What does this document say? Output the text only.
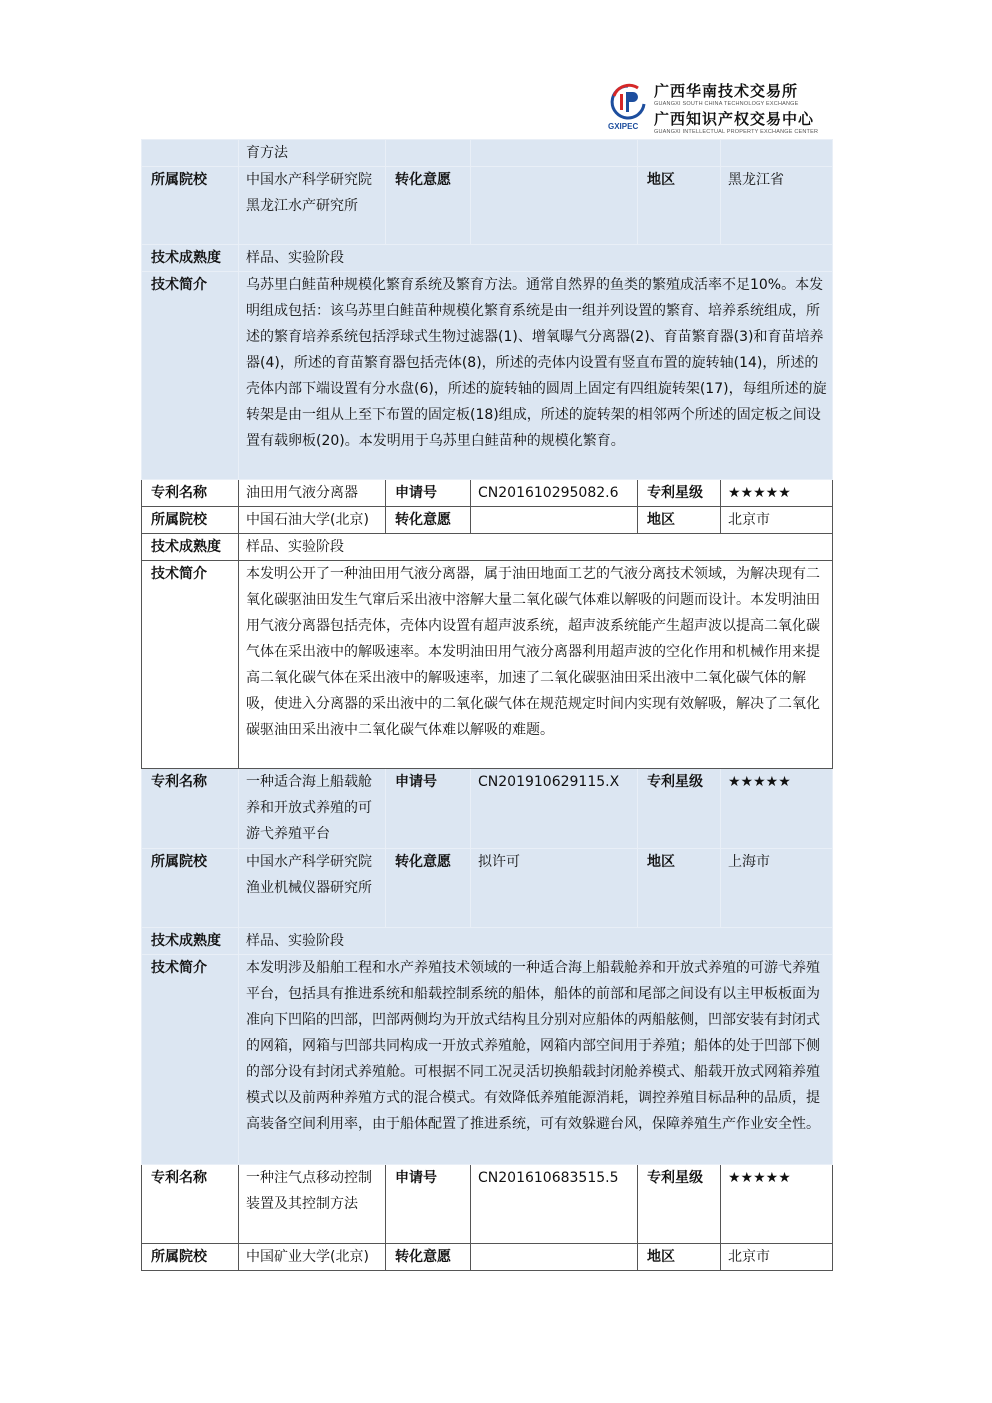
GXIPEC
广西华南技术交易所
GUANGXI SOUTH CHINA TECHNOLOGY EXCHANGE
广西知识产权交易中心
GUANGXI INTELLECTUAL PROPERTY EXCHANGE CENTER
	育方法				
所属院校	中国水产科学研究院黑龙江水产研究所	转化意愿		地区	黑龙江省
技术成熟度	样品、实验阶段				
技术简介	乌苏里白鲑苗种规模化繁育系统及繁育方法。通常自然界的鱼类的繁殖成活率不足10%。本发明组成包括：该乌苏里白鲑苗种规模化繁育系统是由一组并列设置的繁育、培养系统组成，所述的繁育培养系统包括浮球式生物过滤器(1)、增氧曝气分离器(2)、育苗繁育器(3)和育苗培养器(4)，所述的育苗繁育器包括壳体(8)，所述的壳体内设置有竖直布置的旋转轴(14)，所述的壳体内部下端设置有分水盘(6)，所述的旋转轴的圆周上固定有四组旋转架(17)，每组所述的旋转架是由一组从上至下布置的固定板(18)组成，所述的旋转架的相邻两个所述的固定板之间设置有载卵板(20)。本发明用于乌苏里白鲑苗种的规模化繁育。				
专利名称	油田用气液分离器	申请号	CN201610295082.6	专利星级	★★★★★
所属院校	中国石油大学(北京)	转化意愿		地区	北京市
技术成熟度	样品、实验阶段				
技术简介	本发明公开了一种油田用气液分离器，属于油田地面工艺的气液分离技术领域，为解决现有二氧化碳驱油田发生气窜后采出液中溶解大量二氧化碳气体难以解吸的问题而设计。本发明油田用气液分离器包括壳体，壳体内设置有超声波系统，超声波系统能产生超声波以提高二氧化碳气体在采出液中的解吸速率。本发明油田用气液分离器利用超声波的空化作用和机械作用来提高二氧化碳气体在采出液中的解吸速率，加速了二氧化碳驱油田采出液中二氧化碳气体的解吸，使进入分离器的采出液中的二氧化碳气体在规范规定时间内实现有效解吸，解决了二氧化碳驱油田采出液中二氧化碳气体难以解吸的难题。				
专利名称	一种适合海上船载舱养和开放式养殖的可游弋养殖平台	申请号	CN201910629115.X	专利星级	★★★★★
所属院校	中国水产科学研究院渔业机械仪器研究所	转化意愿	拟许可	地区	上海市
技术成熟度	样品、实验阶段				
技术简介	本发明涉及船舶工程和水产养殖技术领域的一种适合海上船载舱养和开放式养殖的可游弋养殖平台，包括具有推进系统和船载控制系统的船体，船体的前部和尾部之间设有以主甲板板面为准向下凹陷的凹部，凹部两侧均为开放式结构且分别对应船体的两船舷侧，凹部安装有封闭式的网箱，网箱与凹部共同构成一开放式养殖舱，网箱内部空间用于养殖；船体的处于凹部下侧的部分设有封闭式养殖舱。可根据不同工况灵活切换船载封闭舱养模式、船载开放式网箱养殖模式以及前两种养殖方式的混合模式。有效降低养殖能源消耗，调控养殖目标品种的品质，提高装备空间利用率，由于船体配置了推进系统，可有效躲避台风，保障养殖生产作业安全性。				
专利名称	一种注气点移动控制装置及其控制方法	申请号	CN201610683515.5	专利星级	★★★★★
所属院校	中国矿业大学(北京)	转化意愿		地区	北京市
